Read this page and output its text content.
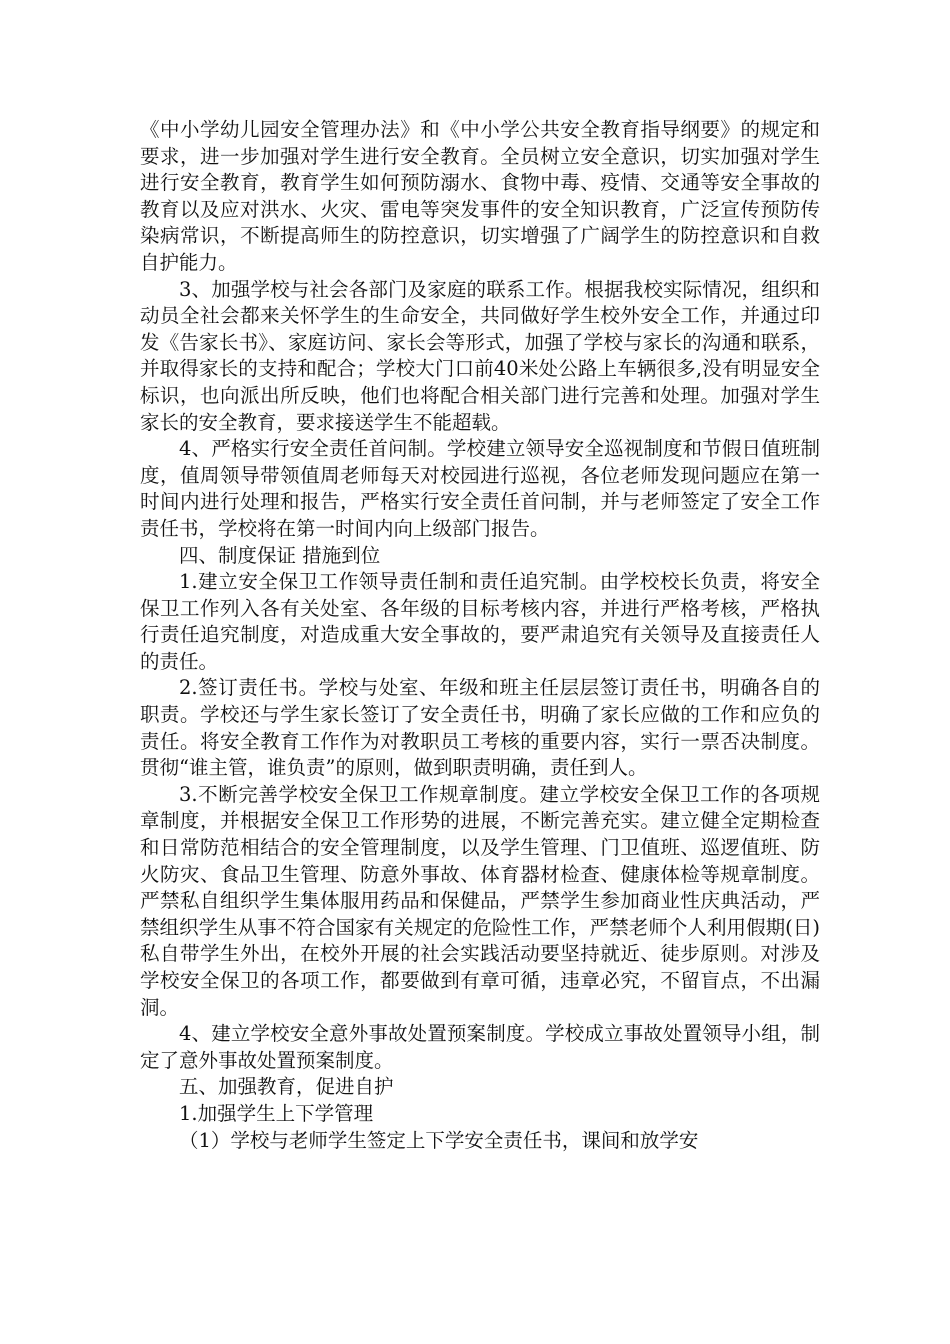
《中小学幼儿园安全管理办法》和《中小学公共安全教育指导纲要》的规定和要求，进一步加强对学生进行安全教育。全员树立安全意识，切实加强对学生进行安全教育，教育学生如何预防溺水、食物中毒、疫情、交通等安全事故的教育以及应对洪水、火灾、雷电等突发事件的安全知识教育，广泛宣传预防传染病常识，不断提高师生的防控意识，切实增强了广阔学生的防控意识和自救自护能力。

3、加强学校与社会各部门及家庭的联系工作。根据我校实际情况，组织和动员全社会都来关怀学生的生命安全，共同做好学生校外安全工作，并通过印发《告家长书》、家庭访问、家长会等形式，加强了学校与家长的沟通和联系，并取得家长的支持和配合；学校大门口前40米处公路上车辆很多,没有明显安全标识，也向派出所反映，他们也将配合相关部门进行完善和处理。加强对学生家长的安全教育，要求接送学生不能超载。

4、严格实行安全责任首问制。学校建立领导安全巡视制度和节假日值班制度，值周领导带领值周老师每天对校园进行巡视，各位老师发现问题应在第一时间内进行处理和报告，严格实行安全责任首问制，并与老师签定了安全工作责任书，学校将在第一时间内向上级部门报告。

四、制度保证 措施到位

1.建立安全保卫工作领导责任制和责任追究制。由学校校长负责，将安全保卫工作列入各有关处室、各年级的目标考核内容，并进行严格考核，严格执行责任追究制度，对造成重大安全事故的，要严肃追究有关领导及直接责任人的责任。

2.签订责任书。学校与处室、年级和班主任层层签订责任书，明确各自的职责。学校还与学生家长签订了安全责任书，明确了家长应做的工作和应负的责任。将安全教育工作作为对教职员工考核的重要内容，实行一票否决制度。贯彻“谁主管，谁负责”的原则，做到职责明确，责任到人。

3.不断完善学校安全保卫工作规章制度。建立学校安全保卫工作的各项规章制度，并根据安全保卫工作形势的进展，不断完善充实。建立健全定期检查和日常防范相结合的安全管理制度，以及学生管理、门卫值班、巡逻值班、防火防灾、食品卫生管理、防意外事故、体育器材检查、健康体检等规章制度。严禁私自组织学生集体服用药品和保健品，严禁学生参加商业性庆典活动，严禁组织学生从事不符合国家有关规定的危险性工作，严禁老师个人利用假期(日)私自带学生外出，在校外开展的社会实践活动要坚持就近、徒步原则。对涉及学校安全保卫的各项工作，都要做到有章可循，违章必究，不留盲点，不出漏洞。

4、建立学校安全意外事故处置预案制度。学校成立事故处置领导小组，制定了意外事故处置预案制度。

五、加强教育，促进自护

1.加强学生上下学管理

（1）学校与老师学生签定上下学安全责任书，课间和放学安
